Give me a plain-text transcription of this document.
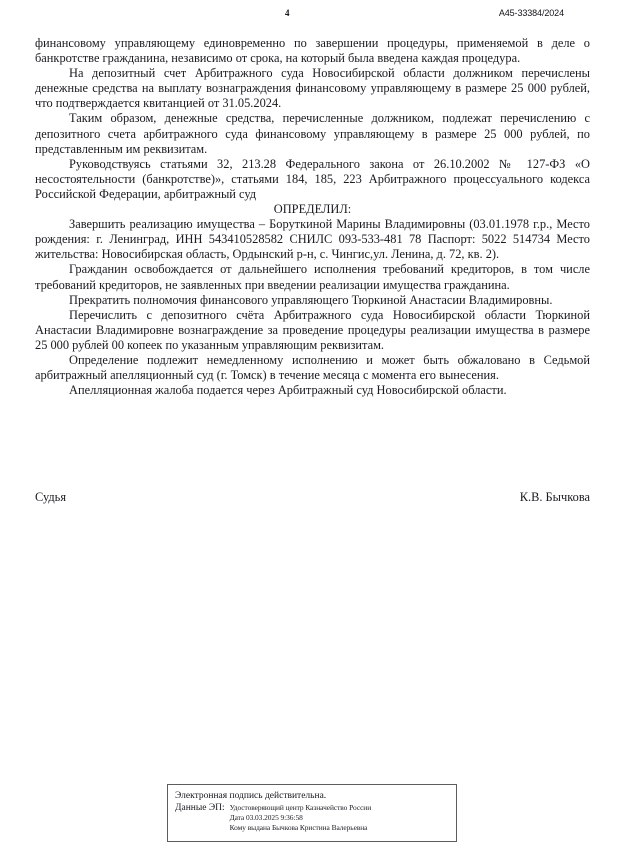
4	A45-33384/2024

финансовому управляющему единовременно по завершении процедуры, применяемой в деле о банкротстве гражданина, независимо от срока, на который была введена каждая процедура.

На депозитный счет Арбитражного суда Новосибирской области должником перечислены денежные средства на выплату вознаграждения финансовому управляющему в размере 25 000 рублей, что подтверждается квитанцией от 31.05.2024.

Таким образом, денежные средства, перечисленные должником, подлежат перечислению с депозитного счета арбитражного суда финансовому управляющему в размере 25 000 рублей, по представленным им реквизитам.

Руководствуясь статьями 32, 213.28 Федерального закона от 26.10.2002 № 127-ФЗ «О несостоятельности (банкротстве)», статьями 184, 185, 223 Арбитражного процессуального кодекса Российской Федерации, арбитражный суд

ОПРЕДЕЛИЛ:

Завершить реализацию имущества – Боруткиной Марины Владимировны (03.01.1978 г.р., Место рождения: г. Ленинград, ИНН 543410528582 СНИЛС 093-533-481 78 Паспорт: 5022 514734 Место жительства: Новосибирская область, Ордынский р-н, с. Чингис,ул. Ленина, д. 72, кв. 2).

Гражданин освобождается от дальнейшего исполнения требований кредиторов, в том числе требований кредиторов, не заявленных при введении реализации имущества гражданина.

Прекратить полномочия финансового управляющего Тюркиной Анастасии Владимировны.

Перечислить с депозитного счёта Арбитражного суда Новосибирской области Тюркиной Анастасии Владимировне вознаграждение за проведение процедуры реализации имущества в размере 25 000 рублей 00 копеек по указанным управляющим реквизитам.

Определение подлежит немедленному исполнению и может быть обжаловано в Седьмой арбитражный апелляционный суд (г. Томск) в течение месяца с момента его вынесения.

Апелляционная жалоба подается через Арбитражный суд Новосибирской области.

Судья	К.В. Бычкова
Электронная подпись действительна.
Данные ЭП: Удостоверяющий центр Казначейство России
Дата 03.03.2025 9:36:58
Кому выдана Бычкова Кристина Валерьевна
